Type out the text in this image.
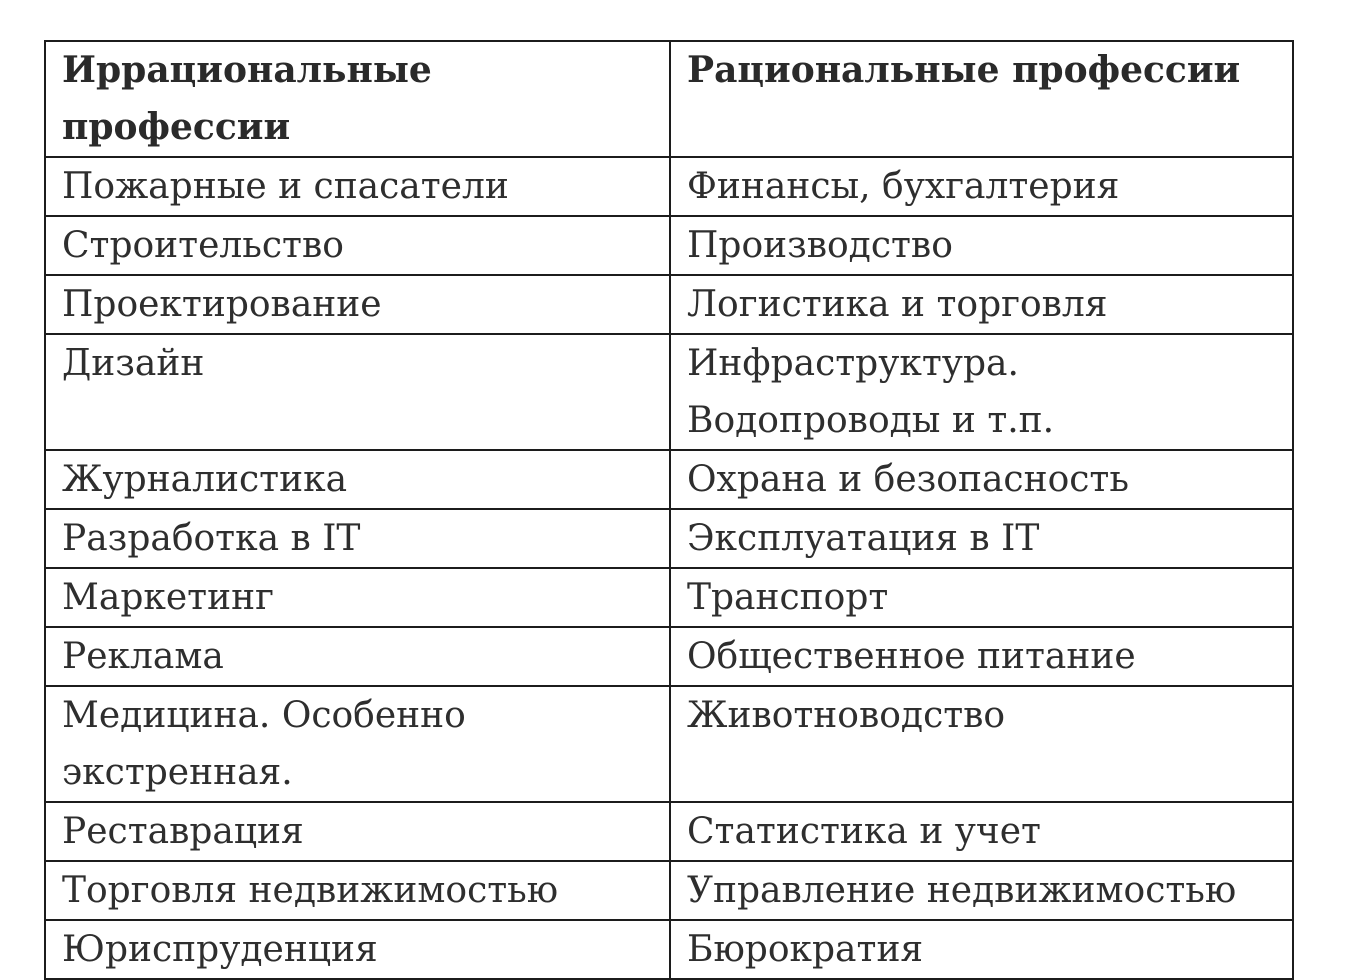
Иррациональные профессии	Рациональные профессии
Пожарные и спасатели	Финансы, бухгалтерия
Строительство	Производство
Проектирование	Логистика и торговля
Дизайн	Инфраструктура. Водопроводы и т.п.
Журналистика	Охрана и безопасность
Разработка в IT	Эксплуатация в IT
Маркетинг	Транспорт
Реклама	Общественное питание
Медицина. Особенно экстренная.	Животноводство
Реставрация	Статистика и учет
Торговля недвижимостью	Управление недвижимостью
Юриспруденция	Бюрократия
